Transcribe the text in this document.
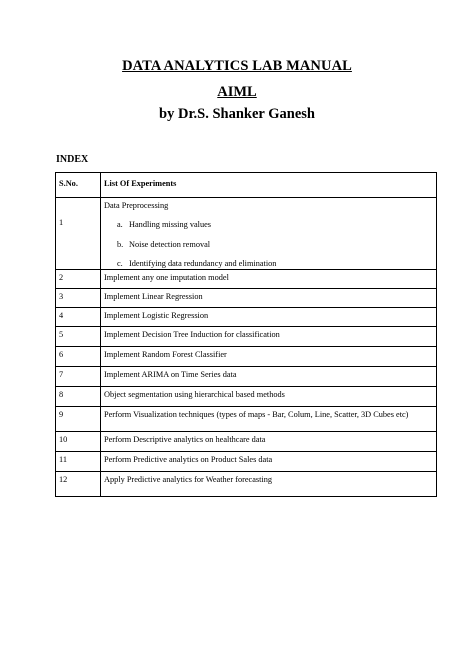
DATA ANALYTICS LAB MANUAL
AIML
by Dr.S. Shanker Ganesh
INDEX
S.No.	List Of Experiments
1	Data Preprocessing
a. Handling missing values
b. Noise detection removal
c. Identifying data redundancy and elimination

2	Implement any one imputation model
3	Implement Linear Regression
4	Implement Logistic Regression
5	Implement Decision Tree Induction for classification
6	Implement Random Forest Classifier
7	Implement ARIMA on Time Series data
8	Object segmentation using hierarchical based methods
9	Perform Visualization techniques (types of maps - Bar, Colum, Line, Scatter, 3D Cubes etc)
10	Perform Descriptive analytics on healthcare data
11	Perform Predictive analytics on Product Sales data
12	Apply Predictive analytics for Weather forecasting
